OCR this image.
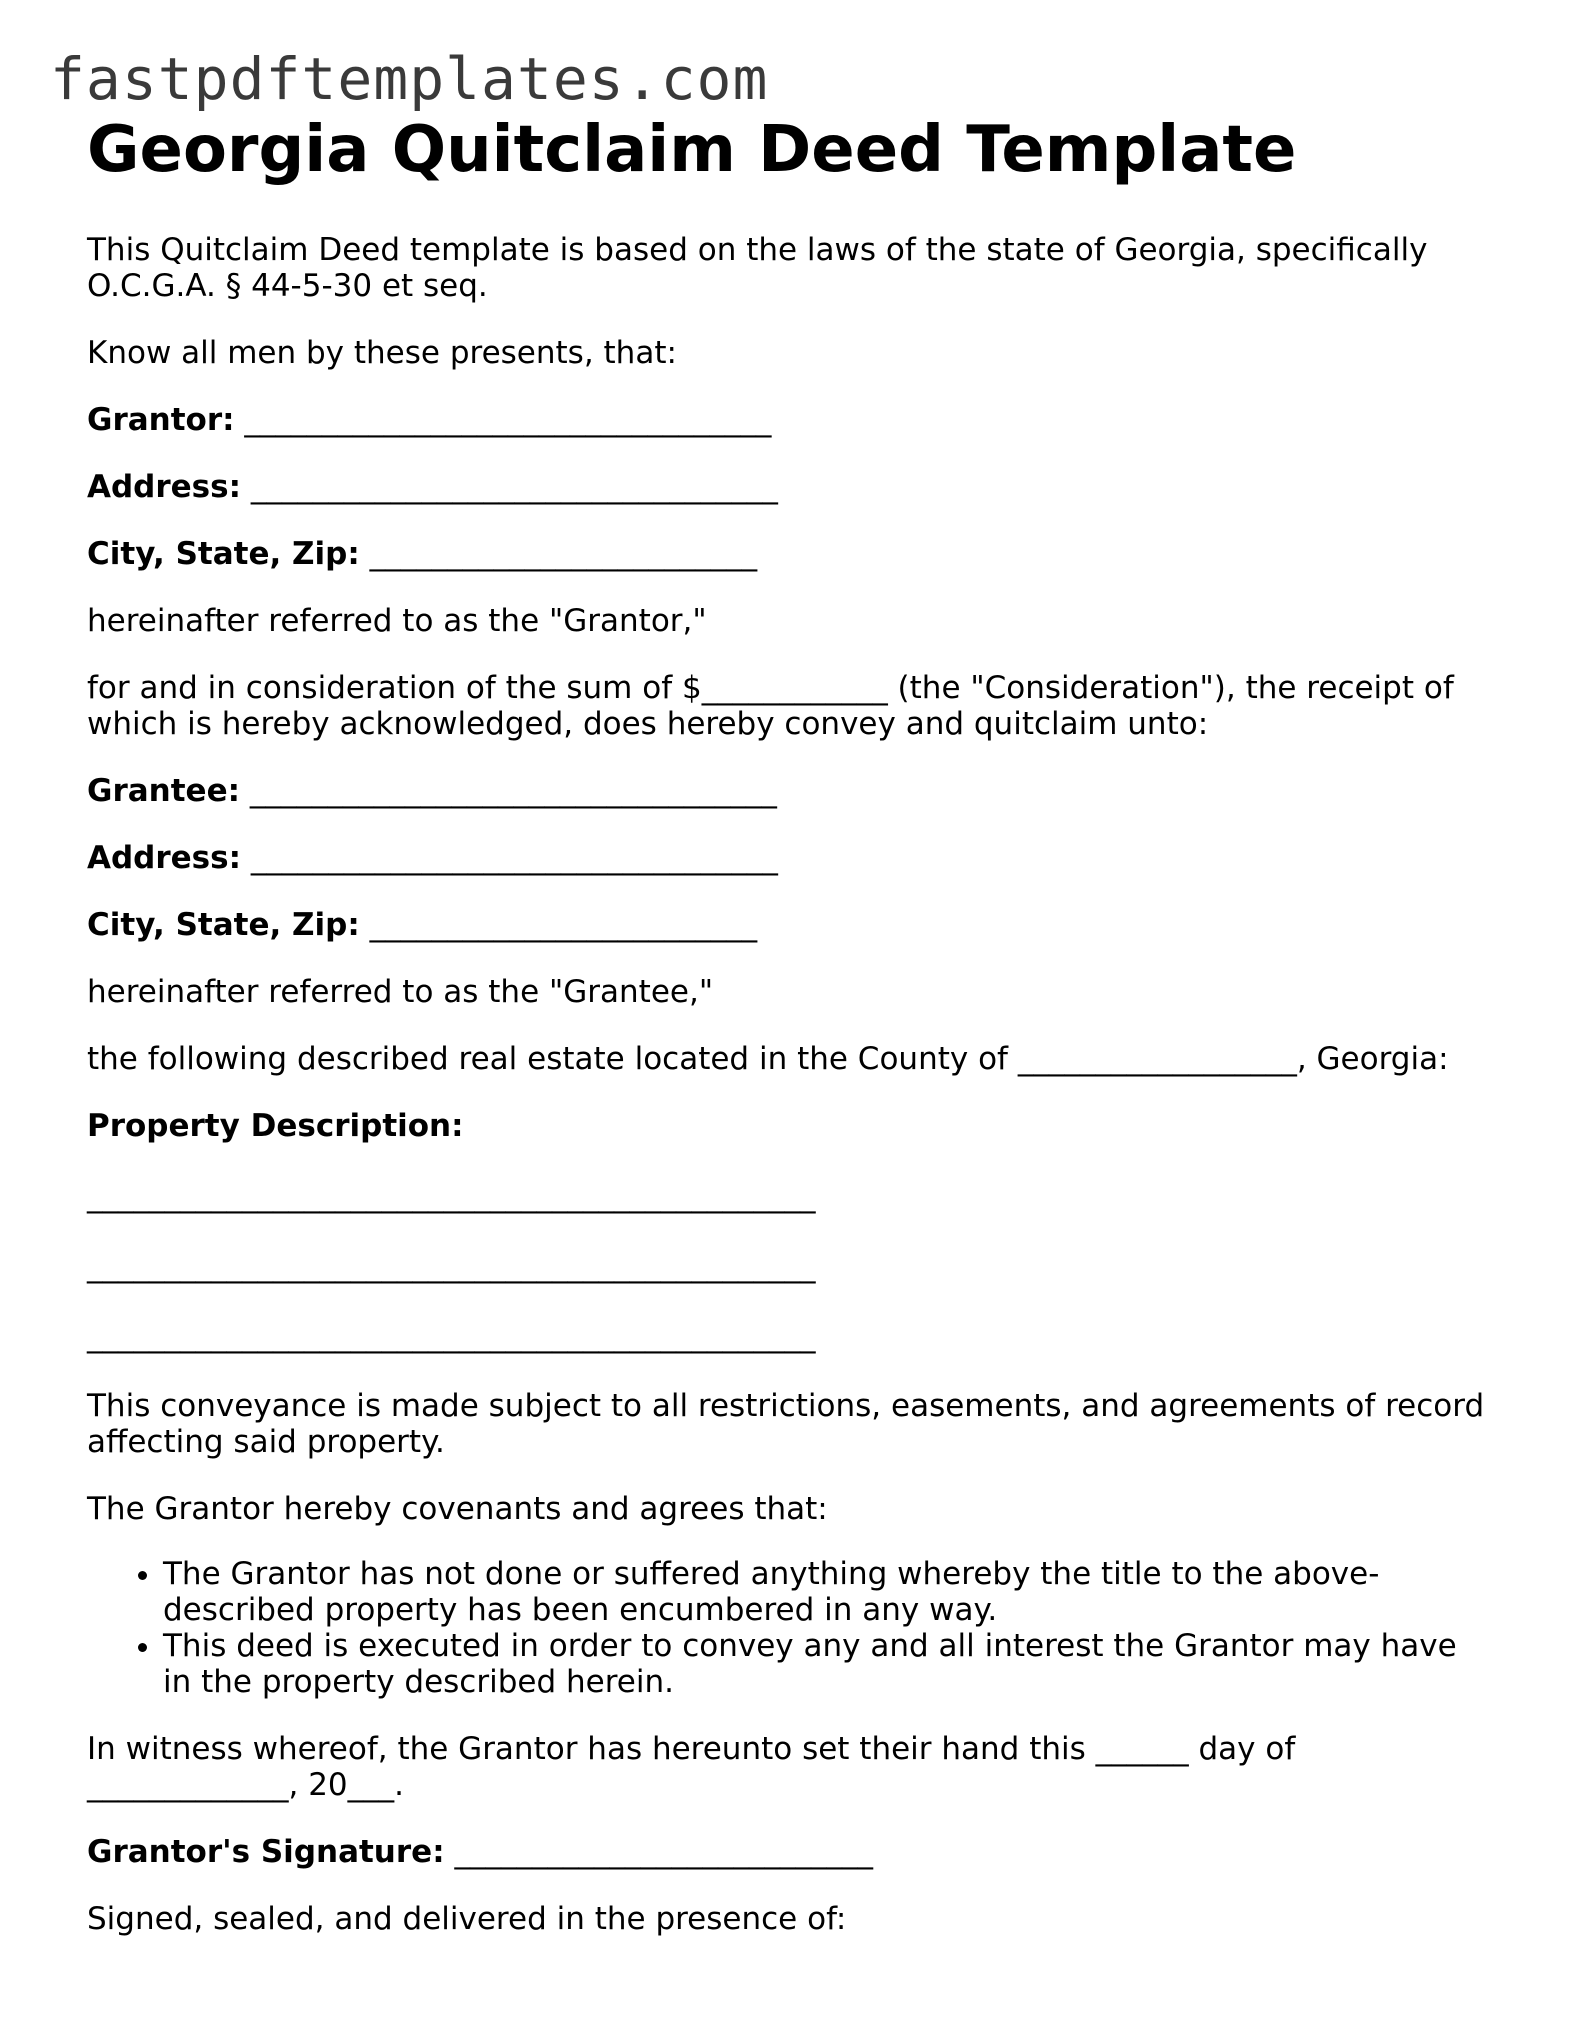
fastpdftemplates.com
Georgia Quitclaim Deed Template

This Quitclaim Deed template is based on the laws of the state of Georgia, specifically O.C.G.A. § 44-5-30 et seq.

Know all men by these presents, that:

Grantor: __________________________________

Address: __________________________________

City, State, Zip: _________________________

hereinafter referred to as the "Grantor,"

for and in consideration of the sum of $____________ (the "Consideration"), the receipt of which is hereby acknowledged, does hereby convey and quitclaim unto:

Grantee: __________________________________

Address: __________________________________

City, State, Zip: _________________________

hereinafter referred to as the "Grantee,"

the following described real estate located in the County of __________________, Georgia:

Property Description:

_______________________________________________
_______________________________________________
_______________________________________________

This conveyance is made subject to all restrictions, easements, and agreements of record affecting said property.

The Grantor hereby covenants and agrees that:

• The Grantor has not done or suffered anything whereby the title to the above-described property has been encumbered in any way.
• This deed is executed in order to convey any and all interest the Grantor may have in the property described herein.

In witness whereof, the Grantor has hereunto set their hand this ______ day of _____________, 20___.

Grantor's Signature: ___________________________

Signed, sealed, and delivered in the presence of:
